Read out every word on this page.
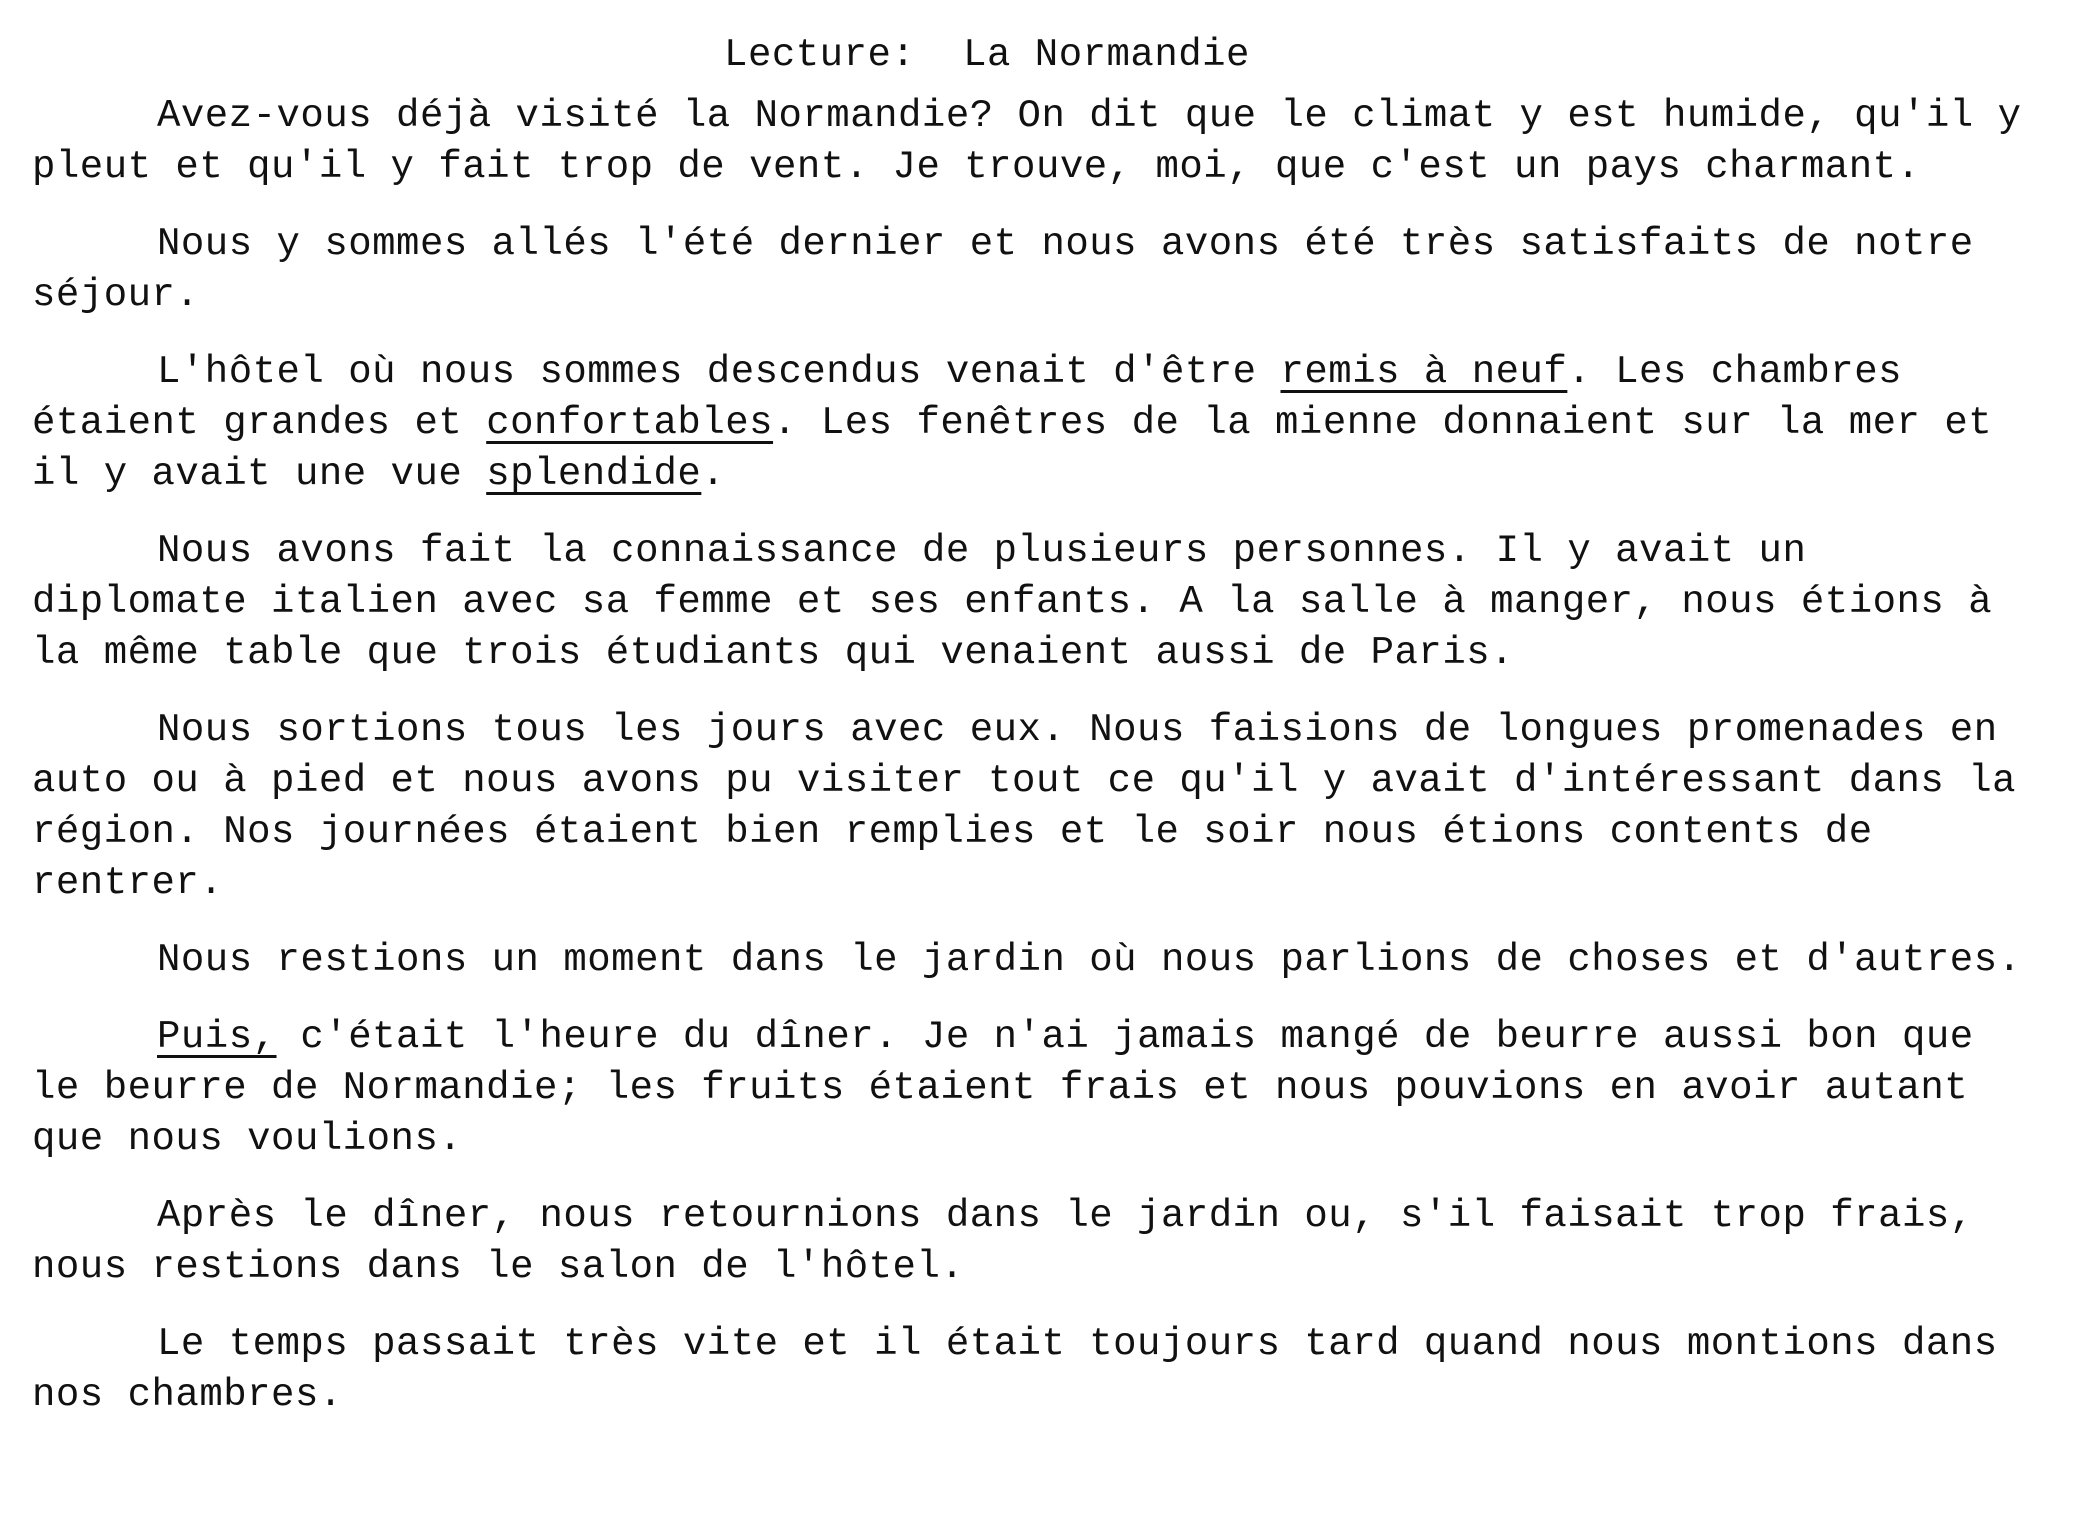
Lecture:  La Normandie

Avez-vous déjà visité la Normandie? On dit que le climat y est humide, qu'il y pleut et qu'il y fait trop de vent. Je trouve, moi, que c'est un pays charmant.

Nous y sommes allés l'été dernier et nous avons été très satisfaits de notre séjour.

L'hôtel où nous sommes descendus venait d'être remis à neuf. Les chambres étaient grandes et confortables. Les fenêtres de la mienne donnaient sur la mer et il y avait une vue splendide.

Nous avons fait la connaissance de plusieurs personnes. Il y avait un diplomate italien avec sa femme et ses enfants. A la salle à manger, nous étions à la même table que trois étudiants qui venaient aussi de Paris.

Nous sortions tous les jours avec eux. Nous faisions de longues promenades en auto ou à pied et nous avons pu visiter tout ce qu'il y avait d'intéressant dans la région. Nos journées étaient bien remplies et le soir nous étions contents de rentrer.

Nous restions un moment dans le jardin où nous parlions de choses et d'autres.

Puis, c'était l'heure du dîner. Je n'ai jamais mangé de beurre aussi bon que le beurre de Normandie; les fruits étaient frais et nous pouvions en avoir autant que nous voulions.

Après le dîner, nous retournions dans le jardin ou, s'il faisait trop frais, nous restions dans le salon de l'hôtel.

Le temps passait très vite et il était toujours tard quand nous montions dans nos chambres.
